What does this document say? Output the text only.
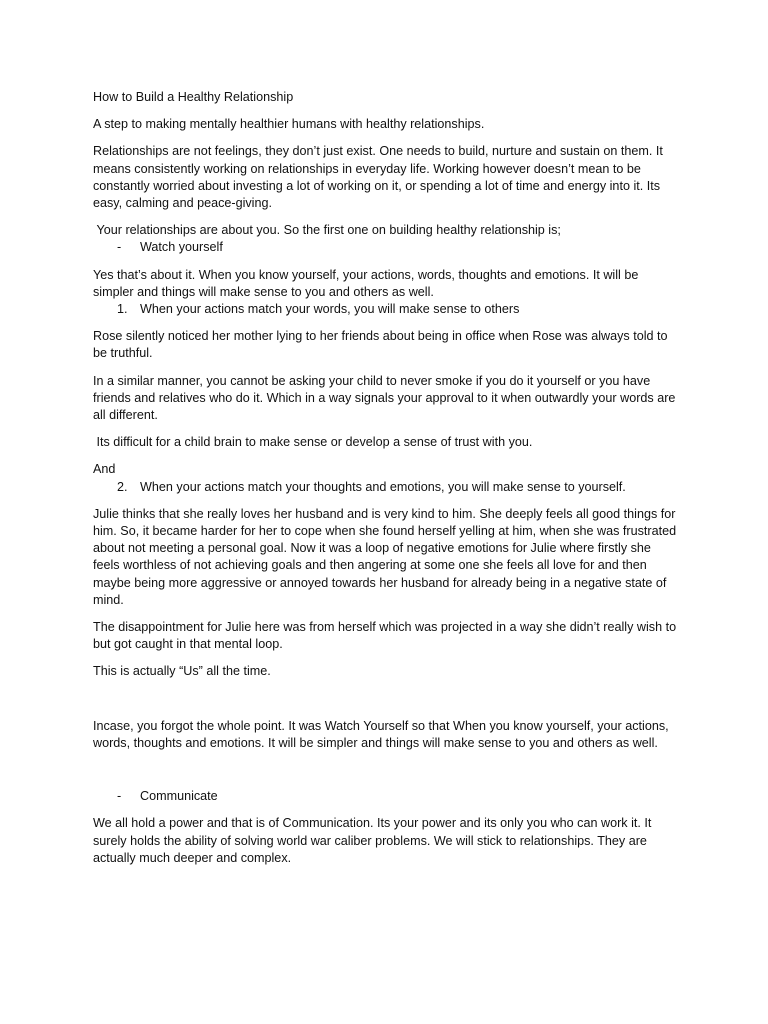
How to Build a Healthy Relationship

A step to making mentally healthier humans with healthy relationships.

Relationships are not feelings, they don’t just exist. One needs to build, nurture and sustain on them. It means consistently working on relationships in everyday life. Working however doesn’t mean to be constantly worried about investing a lot of working on it, or spending a lot of time and energy into it. Its easy, calming and peace-giving.

Your relationships are about you. So the first one on building healthy relationship is;

-	Watch yourself

Yes that’s about it. When you know yourself, your actions, words, thoughts and emotions. It will be simpler and things will make sense to you and others as well.

1. When your actions match your words, you will make sense to others

Rose silently noticed her mother lying to her friends about being in office when Rose was always told to be truthful.

In a similar manner, you cannot be asking your child to never smoke if you do it yourself or you have friends and relatives who do it. Which in a way signals your approval to it when outwardly your words are all different.

Its difficult for a child brain to make sense or develop a sense of trust with you.

And

2. When your actions match your thoughts and emotions, you will make sense to yourself.

Julie thinks that she really loves her husband and is very kind to him. She deeply feels all good things for him. So, it became harder for her to cope when she found herself yelling at him, when she was frustrated about not meeting a personal goal. Now it was a loop of negative emotions for Julie where firstly she feels worthless of not achieving goals and then angering at some one she feels all love for and then maybe being more aggressive or annoyed towards her husband for already being in a negative state of mind.

The disappointment for Julie here was from herself which was projected in a way she didn’t really wish to but got caught in that mental loop.

This is actually “Us” all the time.

Incase, you forgot the whole point. It was Watch Yourself so that When you know yourself, your actions, words, thoughts and emotions. It will be simpler and things will make sense to you and others as well.

-	Communicate

We all hold a power and that is of Communication. Its your power and its only you who can work it. It surely holds the ability of solving world war caliber problems. We will stick to relationships. They are actually much deeper and complex.
